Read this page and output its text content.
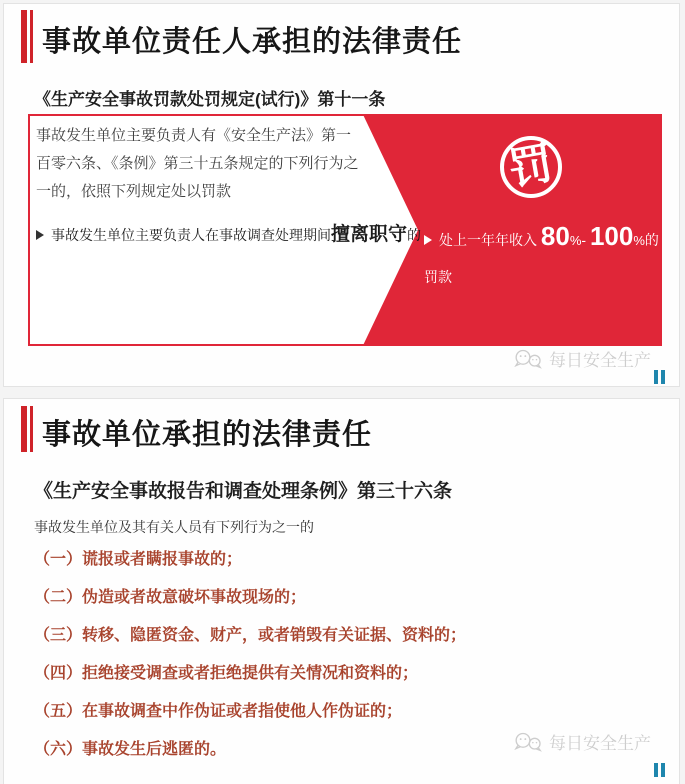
事故单位责任人承担的法律责任
《生产安全事故罚款处罚规定(试行)》第十一条

事故发生单位主要负责人有《安全生产法》第一百零六条、《条例》第三十五条规定的下列行为之一的，依照下列规定处以罚款

事故发生单位主要负责人在事故调查处理期间擅离职守的
罚
处上一年年收入 80%- 100%的罚款
每日安全生产
事故单位承担的法律责任
《生产安全事故报告和调查处理条例》第三十六条

事故发生单位及其有关人员有下列行为之一的

（一）谎报或者瞒报事故的；
（二）伪造或者故意破坏事故现场的；
（三）转移、隐匿资金、财产，或者销毁有关证据、资料的；
（四）拒绝接受调查或者拒绝提供有关情况和资料的；
（五）在事故调查中作伪证或者指使他人作伪证的；
（六）事故发生后逃匿的。	每日安全生产
